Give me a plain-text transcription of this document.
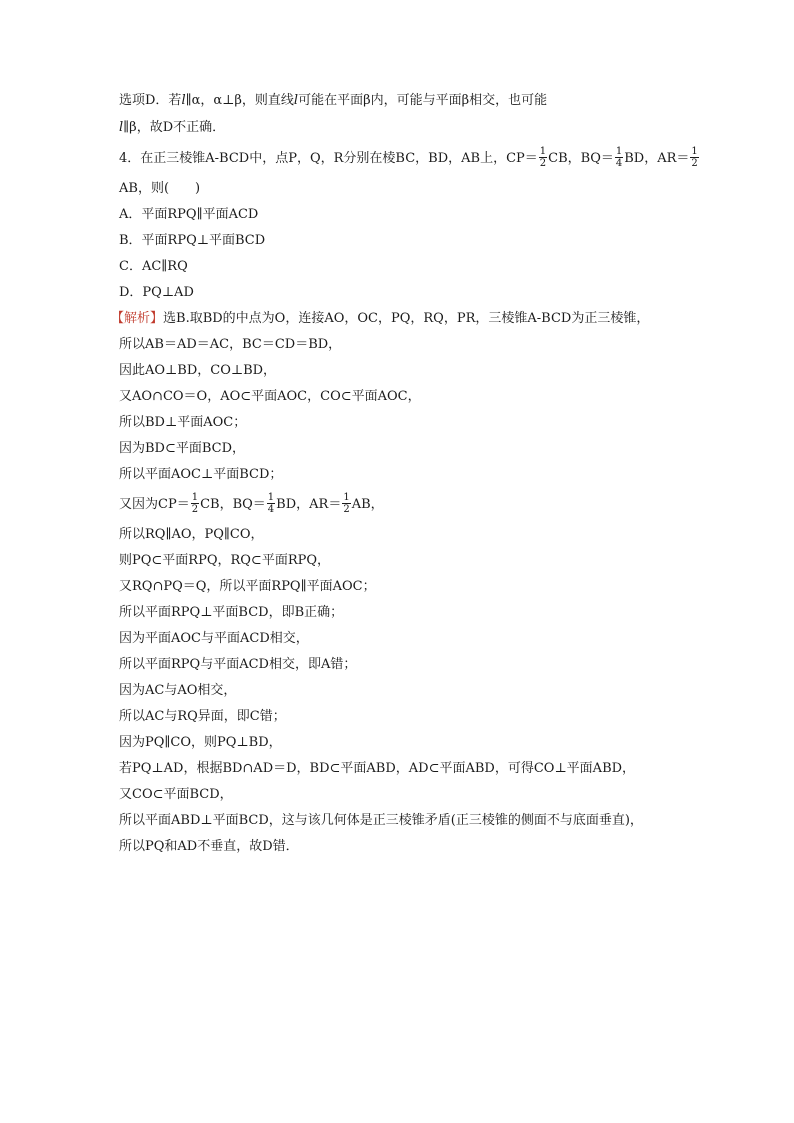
选项D．若l∥α，α⊥β，则直线l可能在平面β内，可能与平面β相交，也可能

l∥β，故D不正确．

4．在正三棱锥A-BCD中，点P，Q，R分别在棱BC，BD，AB上，$CP= \frac{1}{2}$ CB，$BQ= \frac{1}{4}$ BD，$AR= \frac{1}{2}$

AB，则(　　)

A．平面RPQ∥平面ACD

B．平面RPQ⊥平面BCD

C．AC∥RQ

D．PQ⊥AD

【解析】选B.取BD的中点为O，连接AO，OC，PQ，RQ，PR，三棱锥A-BCD为正三棱锥，

所以AB＝AD＝AC，BC＝CD＝BD，

因此AO⊥BD，CO⊥BD，

又AO∩CO＝O，AO⊂平面AOC，CO⊂平面AOC，

所以BD⊥平面AOC；

因为BD⊂平面BCD，

所以平面AOC⊥平面BCD；

又因为$CP= \frac{1}{2}$ CB，$BQ= \frac{1}{4}$ BD，$AR= \frac{1}{2}$ AB，

所以RQ∥AO，PQ∥CO，

则PQ⊂平面RPQ，RQ⊂平面RPQ，

又RQ∩PQ＝Q，所以平面RPQ∥平面AOC；

所以平面RPQ⊥平面BCD，即B正确；

因为平面AOC与平面ACD相交，

所以平面RPQ与平面ACD相交，即A错；

因为AC与AO相交，

所以AC与RQ异面，即C错；

因为PQ∥CO，则PQ⊥BD，

若PQ⊥AD，根据BD∩AD＝D，BD⊂平面ABD，AD⊂平面ABD，可得CO⊥平面ABD，

又CO⊂平面BCD，

所以平面ABD⊥平面BCD，这与该几何体是正三棱锥矛盾(正三棱锥的侧面不与底面垂直)，

所以PQ和AD不垂直，故D错．
